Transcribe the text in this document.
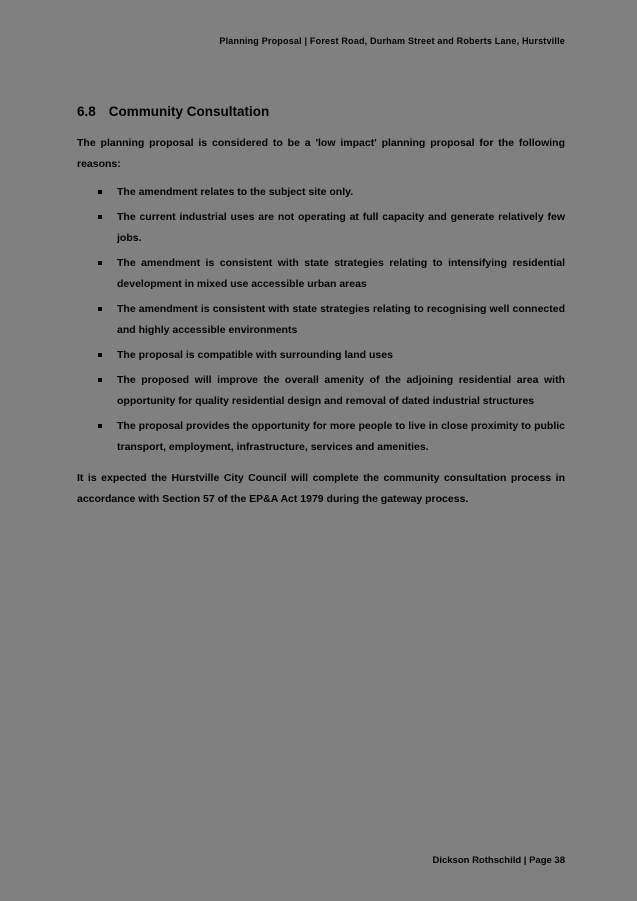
Planning Proposal | Forest Road, Durham Street and Roberts Lane, Hurstville
6.8 Community Consultation

The planning proposal is considered to be a 'low impact' planning proposal for the following reasons:

The amendment relates to the subject site only.
The current industrial uses are not operating at full capacity and generate relatively few jobs.
The amendment is consistent with state strategies relating to intensifying residential development in mixed use accessible urban areas
The amendment is consistent with state strategies relating to recognising well connected and highly accessible environments
The proposal is compatible with surrounding land uses
The proposed will improve the overall amenity of the adjoining residential area with opportunity for quality residential design and removal of dated industrial structures
The proposal provides the opportunity for more people to live in close proximity to public transport, employment, infrastructure, services and amenities.

It is expected the Hurstville City Council will complete the community consultation process in accordance with Section 57 of the EP&A Act 1979 during the gateway process.

Dickson Rothschild | Page 38
